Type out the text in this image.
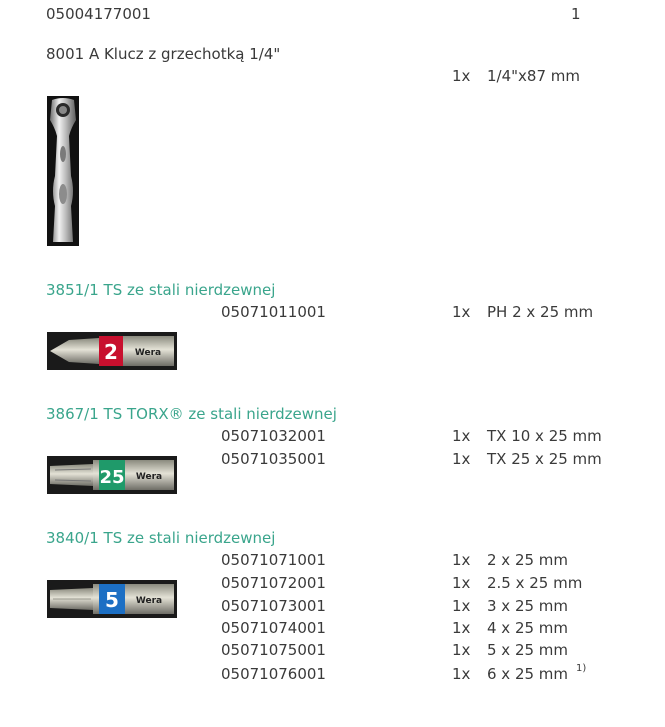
05004177001	1
8001 A Klucz z grzechotką 1/4"
1x 1/4"x87 mm
3851/1 TS ze stali nierdzewnej
05071011001	1x PH 2 x 25 mm
2 Wera
3867/1 TS TORX® ze stali nierdzewnej
05071032001	1x TX 10 x 25 mm
05071035001	1x TX 25 x 25 mm
25 Wera
3840/1 TS ze stali nierdzewnej
05071071001	1x 2 x 25 mm
05071072001	1x 2.5 x 25 mm
05071073001	1x 3 x 25 mm
05071074001	1x 4 x 25 mm
05071075001	1x 5 x 25 mm
05071076001	1x 6 x 25 mm 1)
5 Wera
